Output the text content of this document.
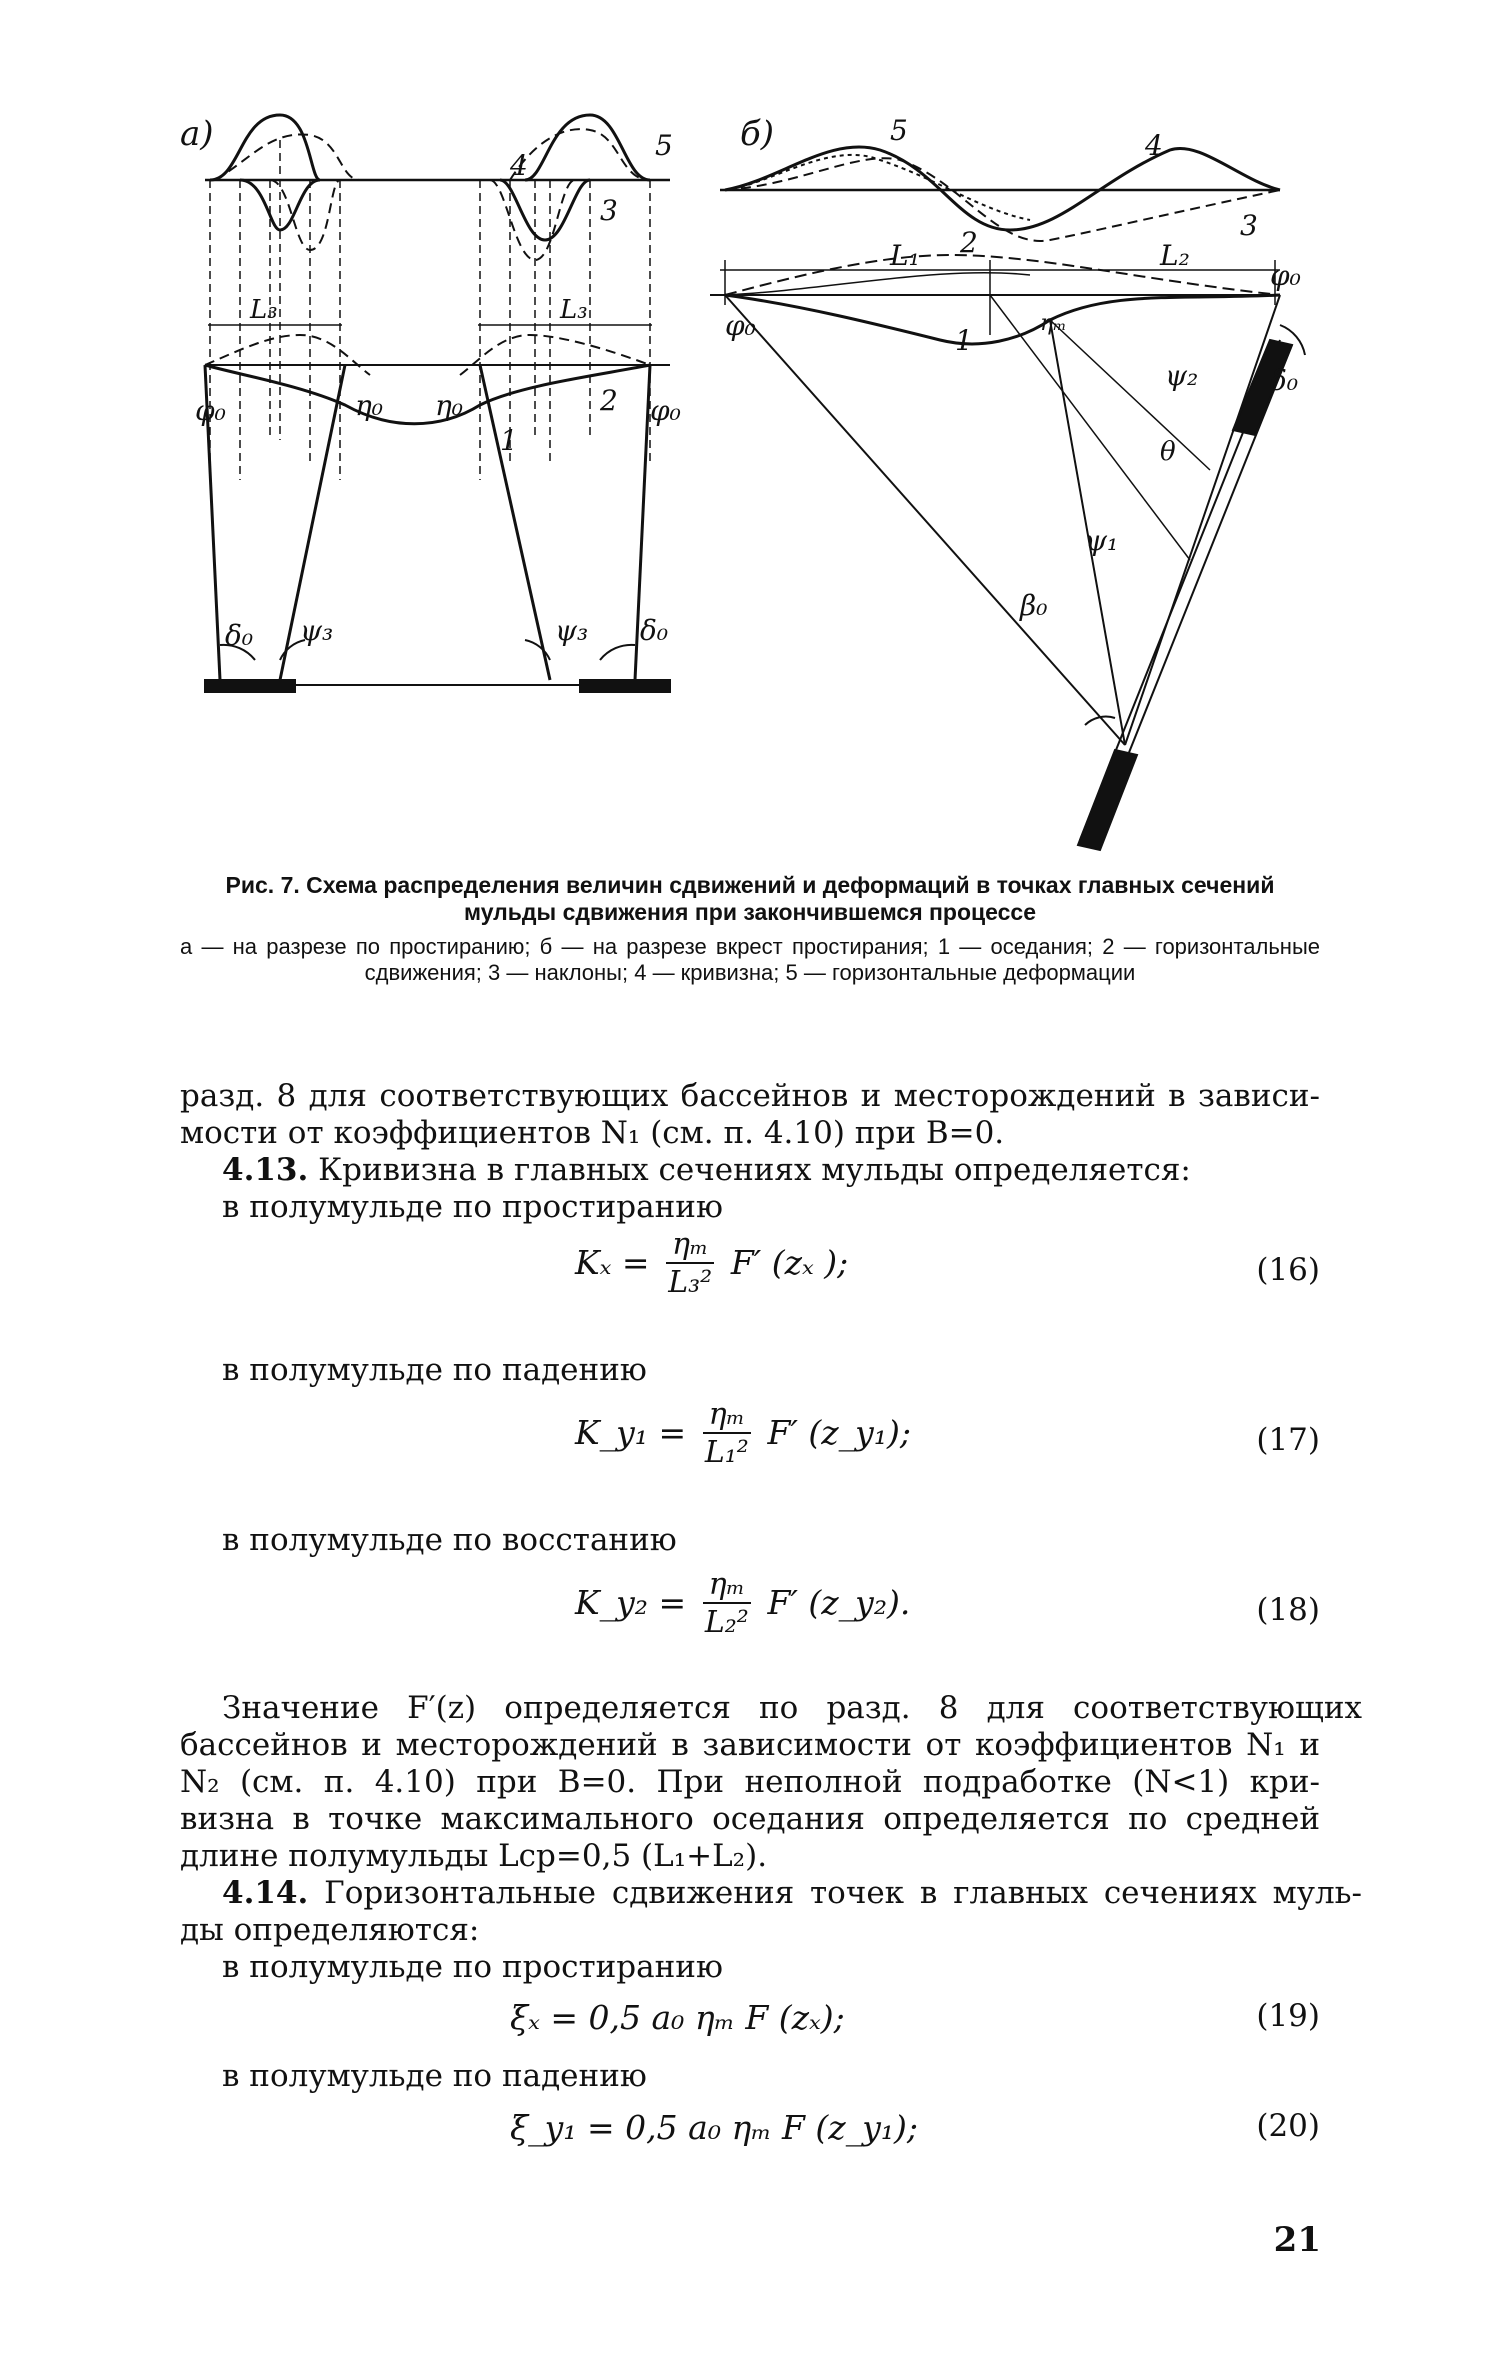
а)
4
5
3
L₃	L₃
φ₀	φ₀
η₀ η₀	2
1
δ₀ ψ₃	ψ₃ δ₀
б)	5	4
3
2
L₁	L₂
φ₀
φ₀	ηₘ
1
ψ₂	δ₀
θ
ψ₁
β₀
Рис. 7. Схема распределения величин сдвижений и деформаций в точках главных сечений мульды сдвижения при закончившемся процессе
а — на разрезе по простиранию; б — на разрезе вкрест простирания; 1 — оседания; 2 — горизонтальные сдвижения; 3 — наклоны; 4 — кривизна; 5 — горизонтальные деформации
разд. 8 для соответствующих бассейнов и месторождений в зависи-
мости от коэффициентов N₁ (см. п. 4.10) при B=0.
4.13. Кривизна в главных сечениях мульды определяется:
в полумульде по простиранию
$K_x = \frac{\text{ηₘ}}{\text{L₃²}} F'$ (zₓ );	(16)
в полумульде по падению
K_y₁ = $\frac{\text{ηₘ}}{\text{L₁²}} F'$ (z_y₁);	(17)
в полумульде по восстанию
K_y₂ = $\frac{\text{ηₘ}}{\text{L₂²}} F'$ (z_y₂).	(18)
Значение F′(z) определяется по разд. 8 для соответствующих
бассейнов и месторождений в зависимости от коэффициентов N₁ и
N₂ (см. п. 4.10) при B=0. При неполной подработке (N<1) кри-
визна в точке максимального оседания определяется по средней
длине полумульды Lср=0,5 (L₁+L₂).
4.14. Горизонтальные сдвижения точек в главных сечениях муль-
ды определяются:
в полумульде по простиранию
ξₓ = 0,5 a₀ ηₘ F (zₓ);	(19)
в полумульде по падению
ξ_y₁ = 0,5 a₀ ηₘ F (z_y₁);	(20)
21
